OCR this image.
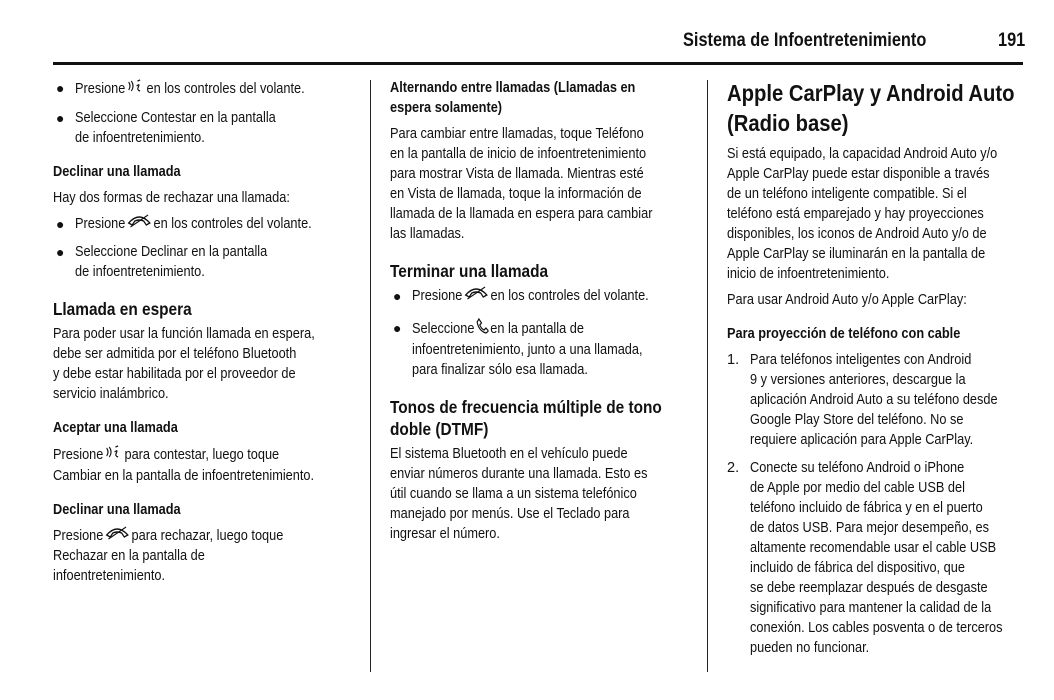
Sistema de Infoentretenimiento	191
● Presione en los controles del volante.
● Seleccione Contestar en la pantalla
de infoentretenimiento.
Declinar una llamada
Hay dos formas de rechazar una llamada:
● Presione en los controles del volante.
● Seleccione Declinar en la pantalla
de infoentretenimiento.
Llamada en espera
Para poder usar la función llamada en espera,
debe ser admitida por el teléfono Bluetooth
y debe estar habilitada por el proveedor de
servicio inalámbrico.
Aceptar una llamada
Presione para contestar, luego toque
Cambiar en la pantalla de infoentretenimiento.
Declinar una llamada
Presione para rechazar, luego toque
Rechazar en la pantalla de
infoentretenimiento.
Alternando entre llamadas (Llamadas en
espera solamente)
Para cambiar entre llamadas, toque Teléfono
en la pantalla de inicio de infoentretenimiento
para mostrar Vista de llamada. Mientras esté
en Vista de llamada, toque la información de
llamada de la llamada en espera para cambiar
las llamadas.
Terminar una llamada
● Presione en los controles del volante.
● Seleccione en la pantalla de
infoentretenimiento, junto a una llamada,
para finalizar sólo esa llamada.
Tonos de frecuencia múltiple de tono
doble (DTMF)
El sistema Bluetooth en el vehículo puede
enviar números durante una llamada. Esto es
útil cuando se llama a un sistema telefónico
manejado por menús. Use el Teclado para
ingresar el número.
Apple CarPlay y Android Auto
(Radio base)
Si está equipado, la capacidad Android Auto y/o
Apple CarPlay puede estar disponible a través
de un teléfono inteligente compatible. Si el
teléfono está emparejado y hay proyecciones
disponibles, los iconos de Android Auto y/o de
Apple CarPlay se iluminarán en la pantalla de
inicio de infoentretenimiento.
Para usar Android Auto y/o Apple CarPlay:
Para proyección de teléfono con cable
1. Para teléfonos inteligentes con Android
9 y versiones anteriores, descargue la
aplicación Android Auto a su teléfono desde
Google Play Store del teléfono. No se
requiere aplicación para Apple CarPlay.
2. Conecte su teléfono Android o iPhone
de Apple por medio del cable USB del
teléfono incluido de fábrica y en el puerto
de datos USB. Para mejor desempeño, es
altamente recomendable usar el cable USB
incluido de fábrica del dispositivo, que
se debe reemplazar después de desgaste
significativo para mantener la calidad de la
conexión. Los cables posventa o de terceros
pueden no funcionar.
